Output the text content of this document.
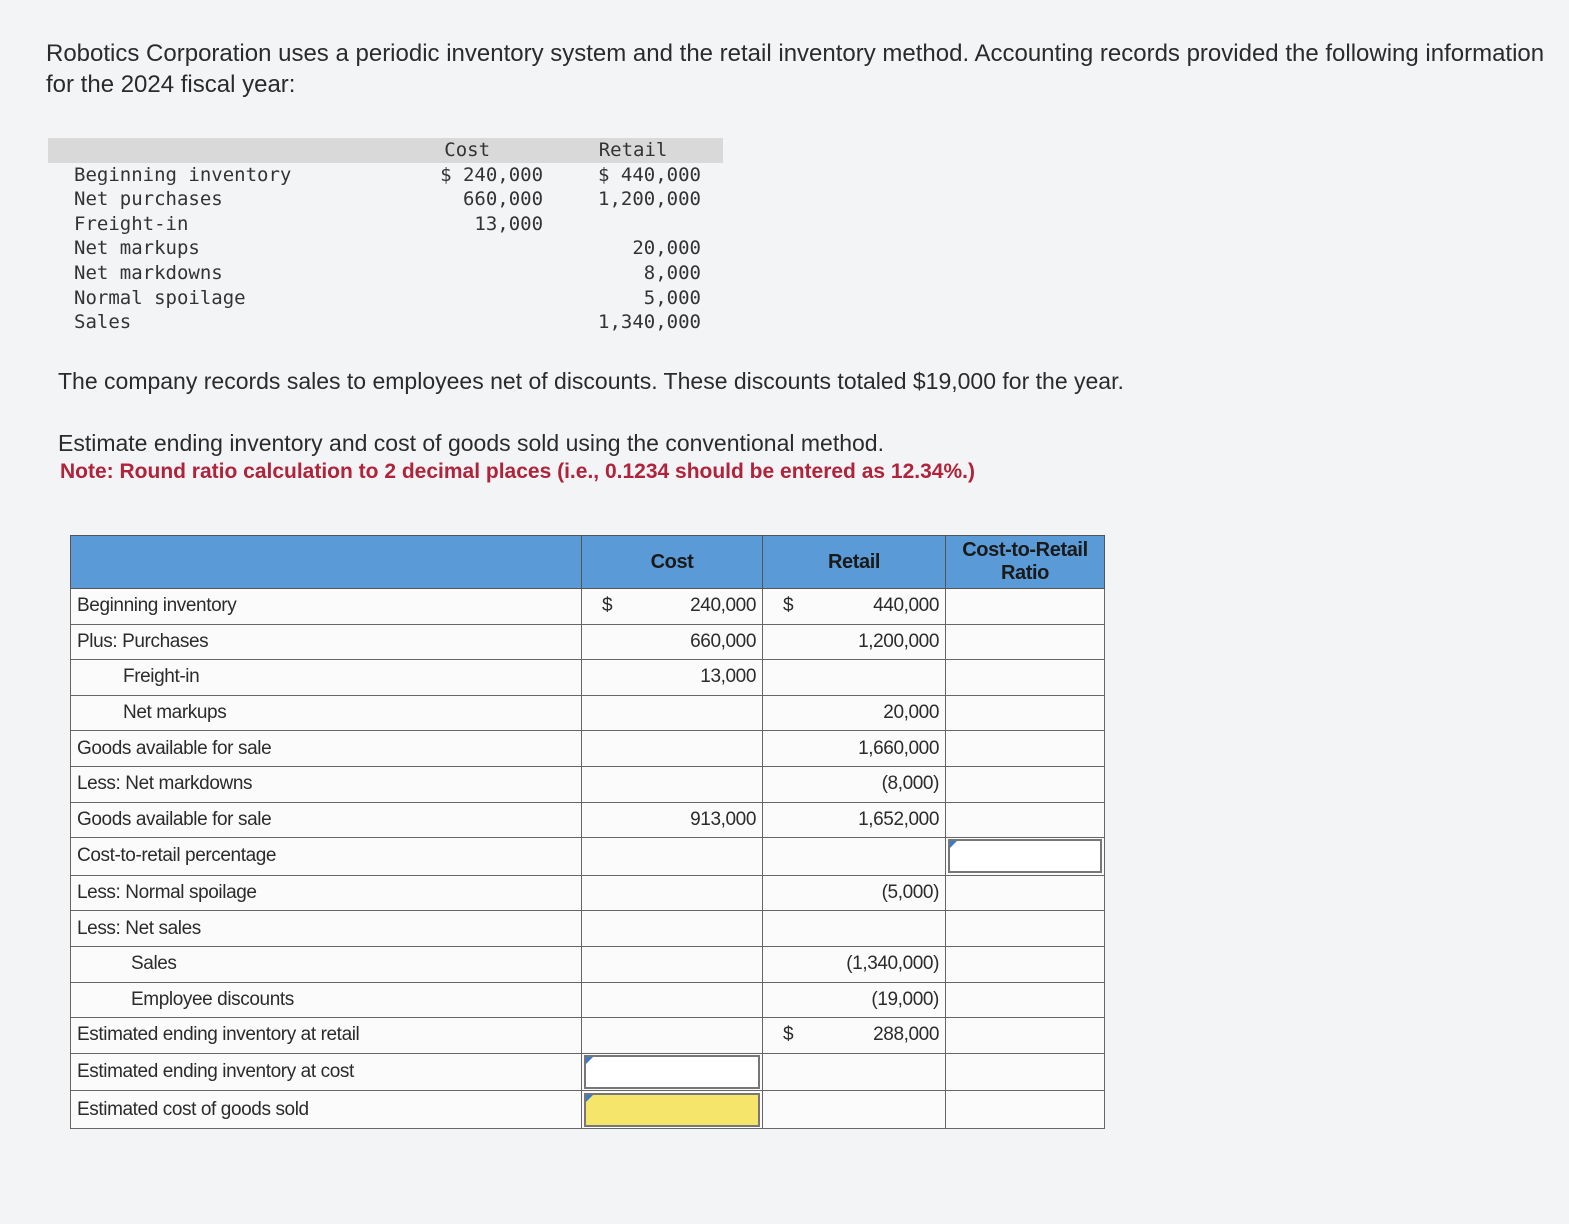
Robotics Corporation uses a periodic inventory system and the retail inventory method. Accounting records provided the following information for the 2024 fiscal year:

	Cost	Retail
Beginning inventory	$ 240,000	$ 440,000
Net purchases	660,000	1,200,000
Freight-in	13,000	
Net markups		20,000
Net markdowns		8,000
Normal spoilage		5,000
Sales		1,340,000

The company records sales to employees net of discounts. These discounts totaled $19,000 for the year.

Estimate ending inventory and cost of goods sold using the conventional method.

Note: Round ratio calculation to 2 decimal places (i.e., 0.1234 should be entered as 12.34%.)

	Cost	Retail	Cost-to-Retail Ratio
Beginning inventory	$ 240,000	$ 440,000	
Plus: Purchases	660,000	1,200,000	
Freight-in	13,000		
Net markups		20,000	
Goods available for sale		1,660,000	
Less: Net markdowns		(8,000)	
Goods available for sale	913,000	1,652,000	
Cost-to-retail percentage			

Less: Normal spoilage		(5,000)	
Less: Net sales			
Sales		(1,340,000)	
Employee discounts		(19,000)	
Estimated ending inventory at retail		$ 288,000	
Estimated ending inventory at cost	

Estimated cost of goods sold	
